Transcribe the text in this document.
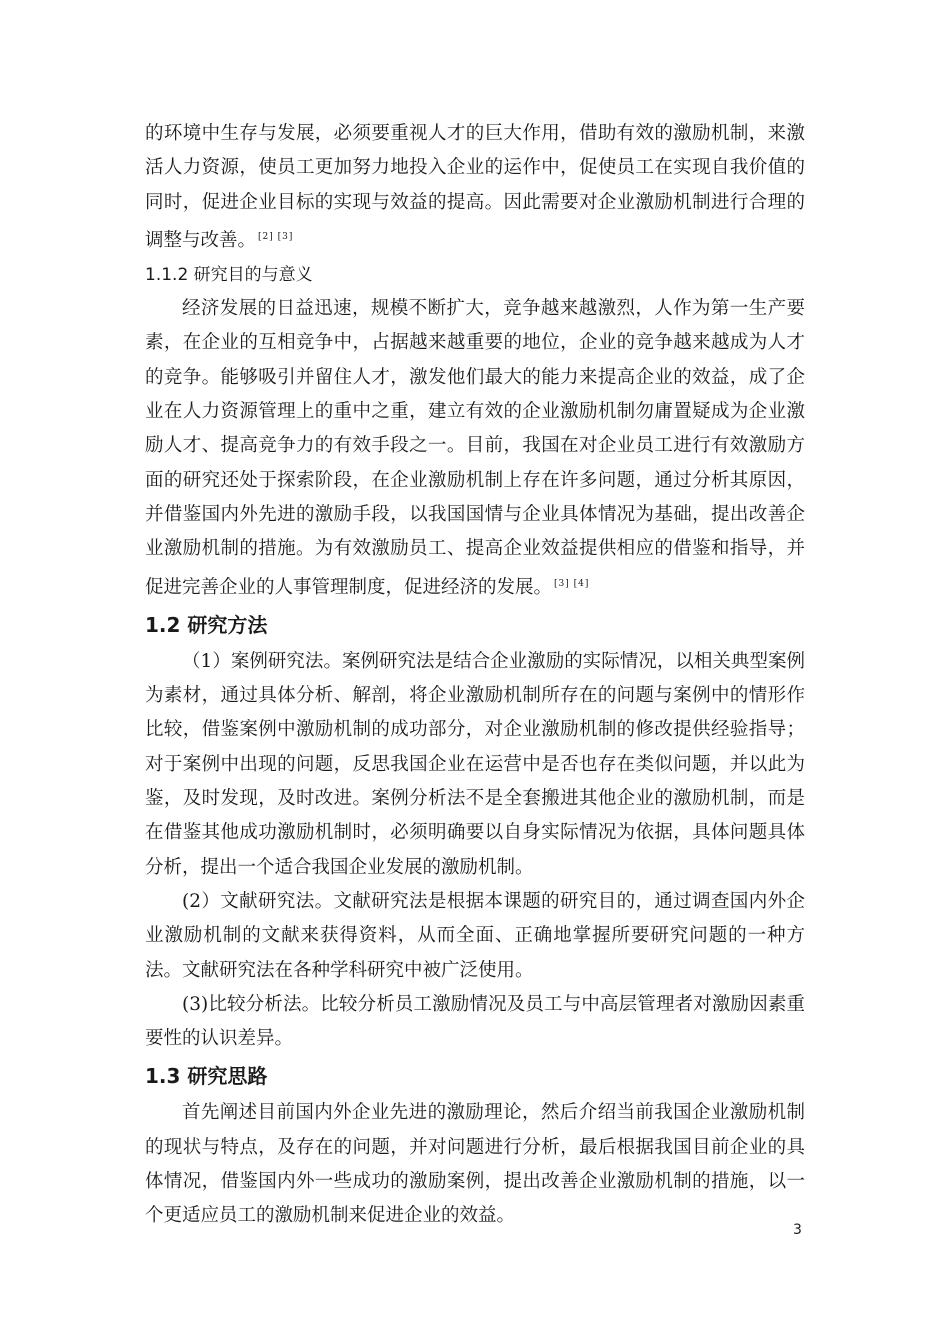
的环境中生存与发展，必须要重视人才的巨大作用，借助有效的激励机制，来激活人力资源，使员工更加努力地投入企业的运作中，促使员工在实现自我价值的同时，促进企业目标的实现与效益的提高。因此需要对企业激励机制进行合理的调整与改善。 [2] [3]

1.1.2 研究目的与意义

经济发展的日益迅速，规模不断扩大，竞争越来越激烈，人作为第一生产要素，在企业的互相竞争中，占据越来越重要的地位，企业的竞争越来越成为人才的竞争。能够吸引并留住人才，激发他们最大的能力来提高企业的效益，成了企业在人力资源管理上的重中之重，建立有效的企业激励机制勿庸置疑成为企业激励人才、提高竞争力的有效手段之一。目前，我国在对企业员工进行有效激励方面的研究还处于探索阶段，在企业激励机制上存在许多问题，通过分析其原因，并借鉴国内外先进的激励手段，以我国国情与企业具体情况为基础，提出改善企业激励机制的措施。为有效激励员工、提高企业效益提供相应的借鉴和指导，并促进完善企业的人事管理制度，促进经济的发展。 [3] [4]

1.2 研究方法

（1）案例研究法。案例研究法是结合企业激励的实际情况，以相关典型案例为素材，通过具体分析、解剖，将企业激励机制所存在的问题与案例中的情形作比较，借鉴案例中激励机制的成功部分，对企业激励机制的修改提供经验指导；对于案例中出现的问题，反思我国企业在运营中是否也存在类似问题，并以此为鉴，及时发现，及时改进。案例分析法不是全套搬进其他企业的激励机制，而是在借鉴其他成功激励机制时，必须明确要以自身实际情况为依据，具体问题具体分析，提出一个适合我国企业发展的激励机制。

(2）文献研究法。文献研究法是根据本课题的研究目的，通过调查国内外企业激励机制的文献来获得资料，从而全面、正确地掌握所要研究问题的一种方法。文献研究法在各种学科研究中被广泛使用。

(3)比较分析法。比较分析员工激励情况及员工与中高层管理者对激励因素重要性的认识差异。

1.3 研究思路

首先阐述目前国内外企业先进的激励理论，然后介绍当前我国企业激励机制的现状与特点，及存在的问题，并对问题进行分析，最后根据我国目前企业的具体情况，借鉴国内外一些成功的激励案例，提出改善企业激励机制的措施，以一个更适应员工的激励机制来促进企业的效益。

3
